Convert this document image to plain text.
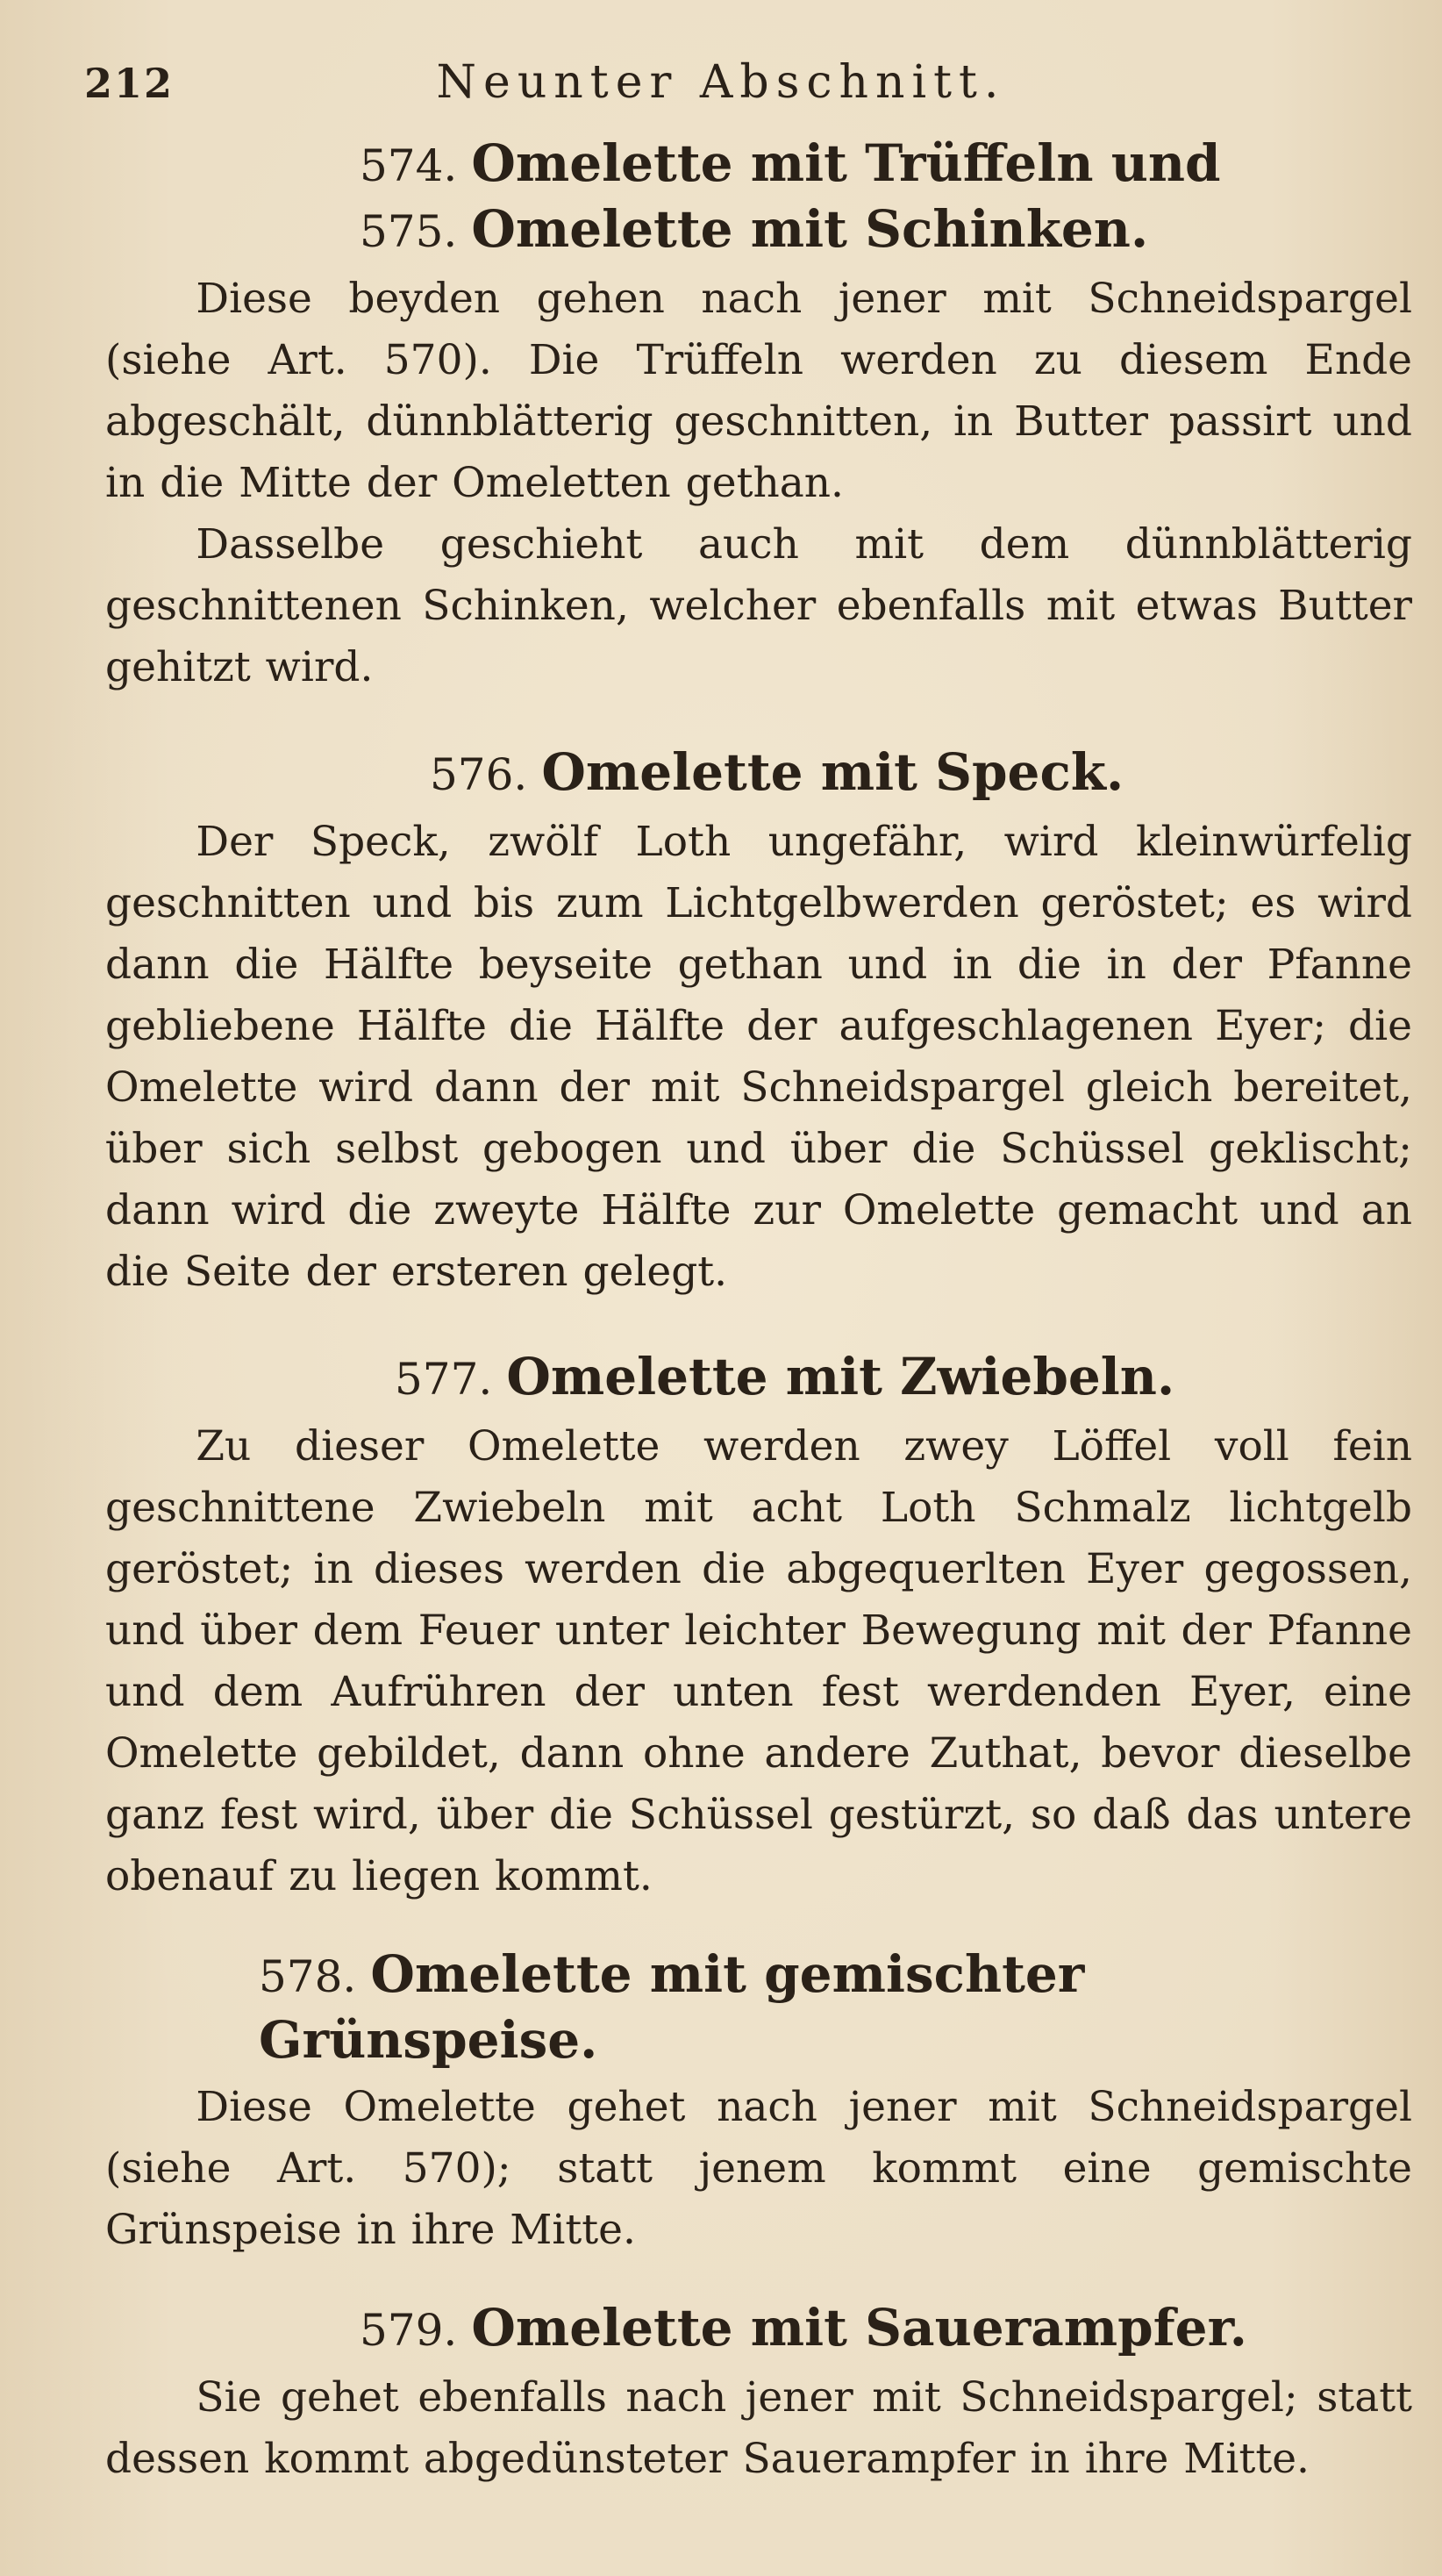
212	Neunter Abschnitt.
574. Omelette mit Trüffeln und
575. Omelette mit Schinken.

Diese beyden gehen nach jener mit Schneidspargel (siehe Art. 570). Die Trüffeln werden zu diesem Ende abgeschält, dünnblätterig geschnitten, in Butter passirt und in die Mitte der Omeletten gethan.

Dasselbe geschieht auch mit dem dünnblätterig geschnittenen Schinken, welcher ebenfalls mit etwas Butter gehitzt wird.

576. Omelette mit Speck.

Der Speck, zwölf Loth ungefähr, wird kleinwürfelig geschnitten und bis zum Lichtgelbwerden geröstet; es wird dann die Hälfte beyseite gethan und in die in der Pfanne gebliebene Hälfte die Hälfte der aufgeschlagenen Eyer; die Omelette wird dann der mit Schneidspargel gleich bereitet, über sich selbst gebogen und über die Schüssel geklischt; dann wird die zweyte Hälfte zur Omelette gemacht und an die Seite der ersteren gelegt.

577. Omelette mit Zwiebeln.

Zu dieser Omelette werden zwey Löffel voll fein geschnittene Zwiebeln mit acht Loth Schmalz lichtgelb geröstet; in dieses werden die abgequerlten Eyer gegossen, und über dem Feuer unter leichter Bewegung mit der Pfanne und dem Aufrühren der unten fest werdenden Eyer, eine Omelette gebildet, dann ohne andere Zuthat, bevor dieselbe ganz fest wird, über die Schüssel gestürzt, so daß das untere obenauf zu liegen kommt.

578. Omelette mit gemischter Grünspeise.

Diese Omelette gehet nach jener mit Schneidspargel (siehe Art. 570); statt jenem kommt eine gemischte Grünspeise in ihre Mitte.

579. Omelette mit Sauerampfer.

Sie gehet ebenfalls nach jener mit Schneidspargel; statt dessen kommt abgedünsteter Sauerampfer in ihre Mitte.
